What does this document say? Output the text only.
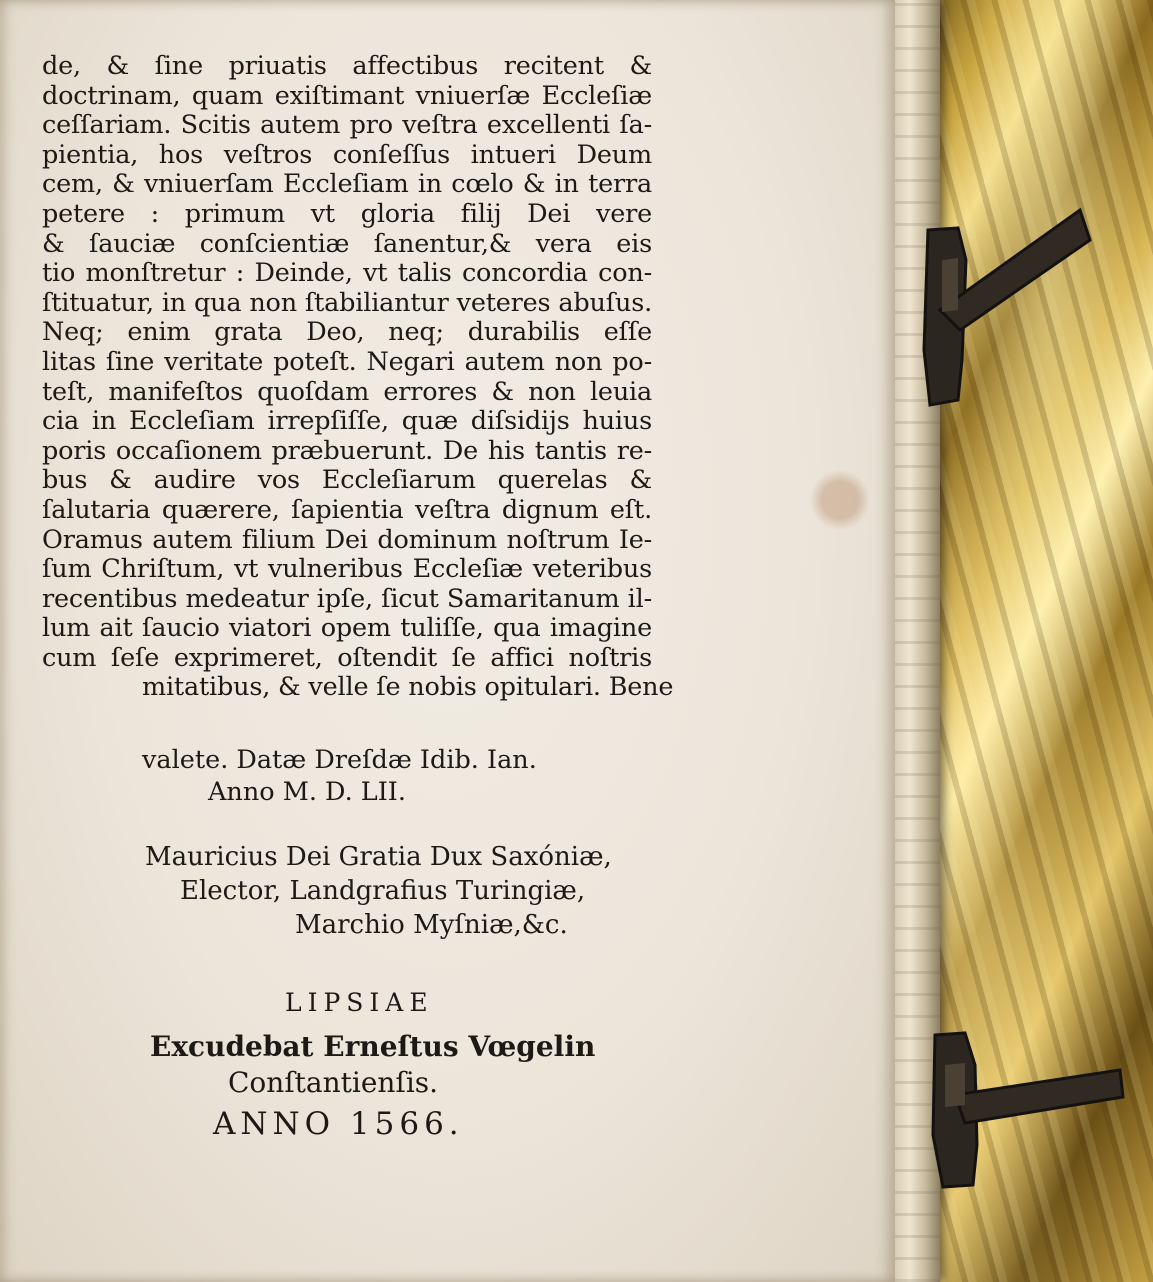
de, & ſine priuatis affectibus recitent &
doctrinam, quam exiſtimant vniuerſæ Eccleſiæ
ceſſariam. Scitis autem pro veſtra excellenti ſa-
pientia, hos veſtros conſeſſus intueri Deum
cem, & vniuerſam Eccleſiam in cœlo & in terra
petere : primum vt gloria filij Dei vere
& ſauciæ conſcientiæ ſanentur,& vera eis
tio monſtretur : Deinde, vt talis concordia con-
ſtituatur, in qua non ſtabiliantur veteres abuſus.
Neq; enim grata Deo, neq; durabilis eſſe
litas ſine veritate poteſt. Negari autem non po-
teſt, manifeſtos quoſdam errores & non leuia
cia in Eccleſiam irrepſiſſe, quæ diſsidijs huius
poris occaſionem præbuerunt. De his tantis re-
bus & audire vos Eccleſiarum querelas &
ſalutaria quærere, ſapientia veſtra dignum eſt.
Oramus autem filium Dei dominum noſtrum Ie-
ſum Chriſtum, vt vulneribus Eccleſiæ veteribus
recentibus medeatur ipſe, ſicut Samaritanum il-
lum ait ſaucio viatori opem tuliſſe, qua imagine
cum ſeſe exprimeret, oſtendit ſe affici noſtris
mitatibus, & velle ſe nobis opitulari. Bene
valete. Datæ Dreſdæ Idib. Ian.
Anno M. D. LII.
Mauricius Dei Gratia Dux Saxóniæ,
Elector, Landgrafius Turingiæ,
Marchio Myſniæ,&c.
LIPSIAE
Excudebat Erneſtus Vœgelin
Conſtantienſis.
ANNO 1566.
